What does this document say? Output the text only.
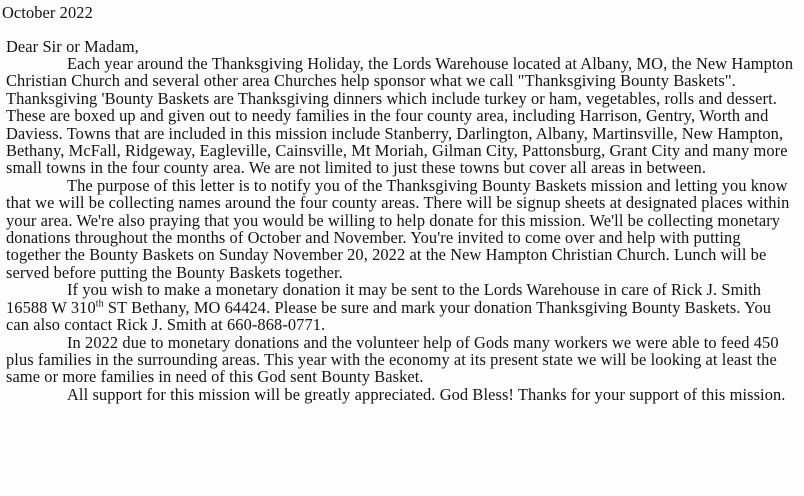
October 2022

Dear Sir or Madam,

Each year around the Thanksgiving Holiday, the Lords Warehouse located at Albany, MO, the New Hampton Christian Church and several other area Churches help sponsor what we call "Thanksgiving Bounty Baskets". Thanksgiving 'Bounty Baskets are Thanksgiving dinners which include turkey or ham, vegetables, rolls and dessert. These are boxed up and given out to needy families in the four county area, including Harrison, Gentry, Worth and Daviess. Towns that are included in this mission include Stanberry, Darlington, Albany, Martinsville, New Hampton, Bethany, McFall, Ridgeway, Eagleville, Cainsville, Mt Moriah, Gilman City, Pattonsburg, Grant City and many more small towns in the four county area. We are not limited to just these towns but cover all areas in between.

The purpose of this letter is to notify you of the Thanksgiving Bounty Baskets mission and letting you know that we will be collecting names around the four county areas. There will be signup sheets at designated places within your area. We're also praying that you would be willing to help donate for this mission. We'll be collecting monetary donations throughout the months of October and November. You're invited to come over and help with putting together the Bounty Baskets on Sunday November 20, 2022 at the New Hampton Christian Church. Lunch will be served before putting the Bounty Baskets together.

If you wish to make a monetary donation it may be sent to the Lords Warehouse in care of Rick J. Smith 16588 W 310th ST Bethany, MO 64424. Please be sure and mark your donation Thanksgiving Bounty Baskets. You can also contact Rick J. Smith at 660-868-0771.

In 2022 due to monetary donations and the volunteer help of Gods many workers we were able to feed 450 plus families in the surrounding areas. This year with the economy at its present state we will be looking at least the same or more families in need of this God sent Bounty Basket.

All support for this mission will be greatly appreciated. God Bless! Thanks for your support of this mission.
